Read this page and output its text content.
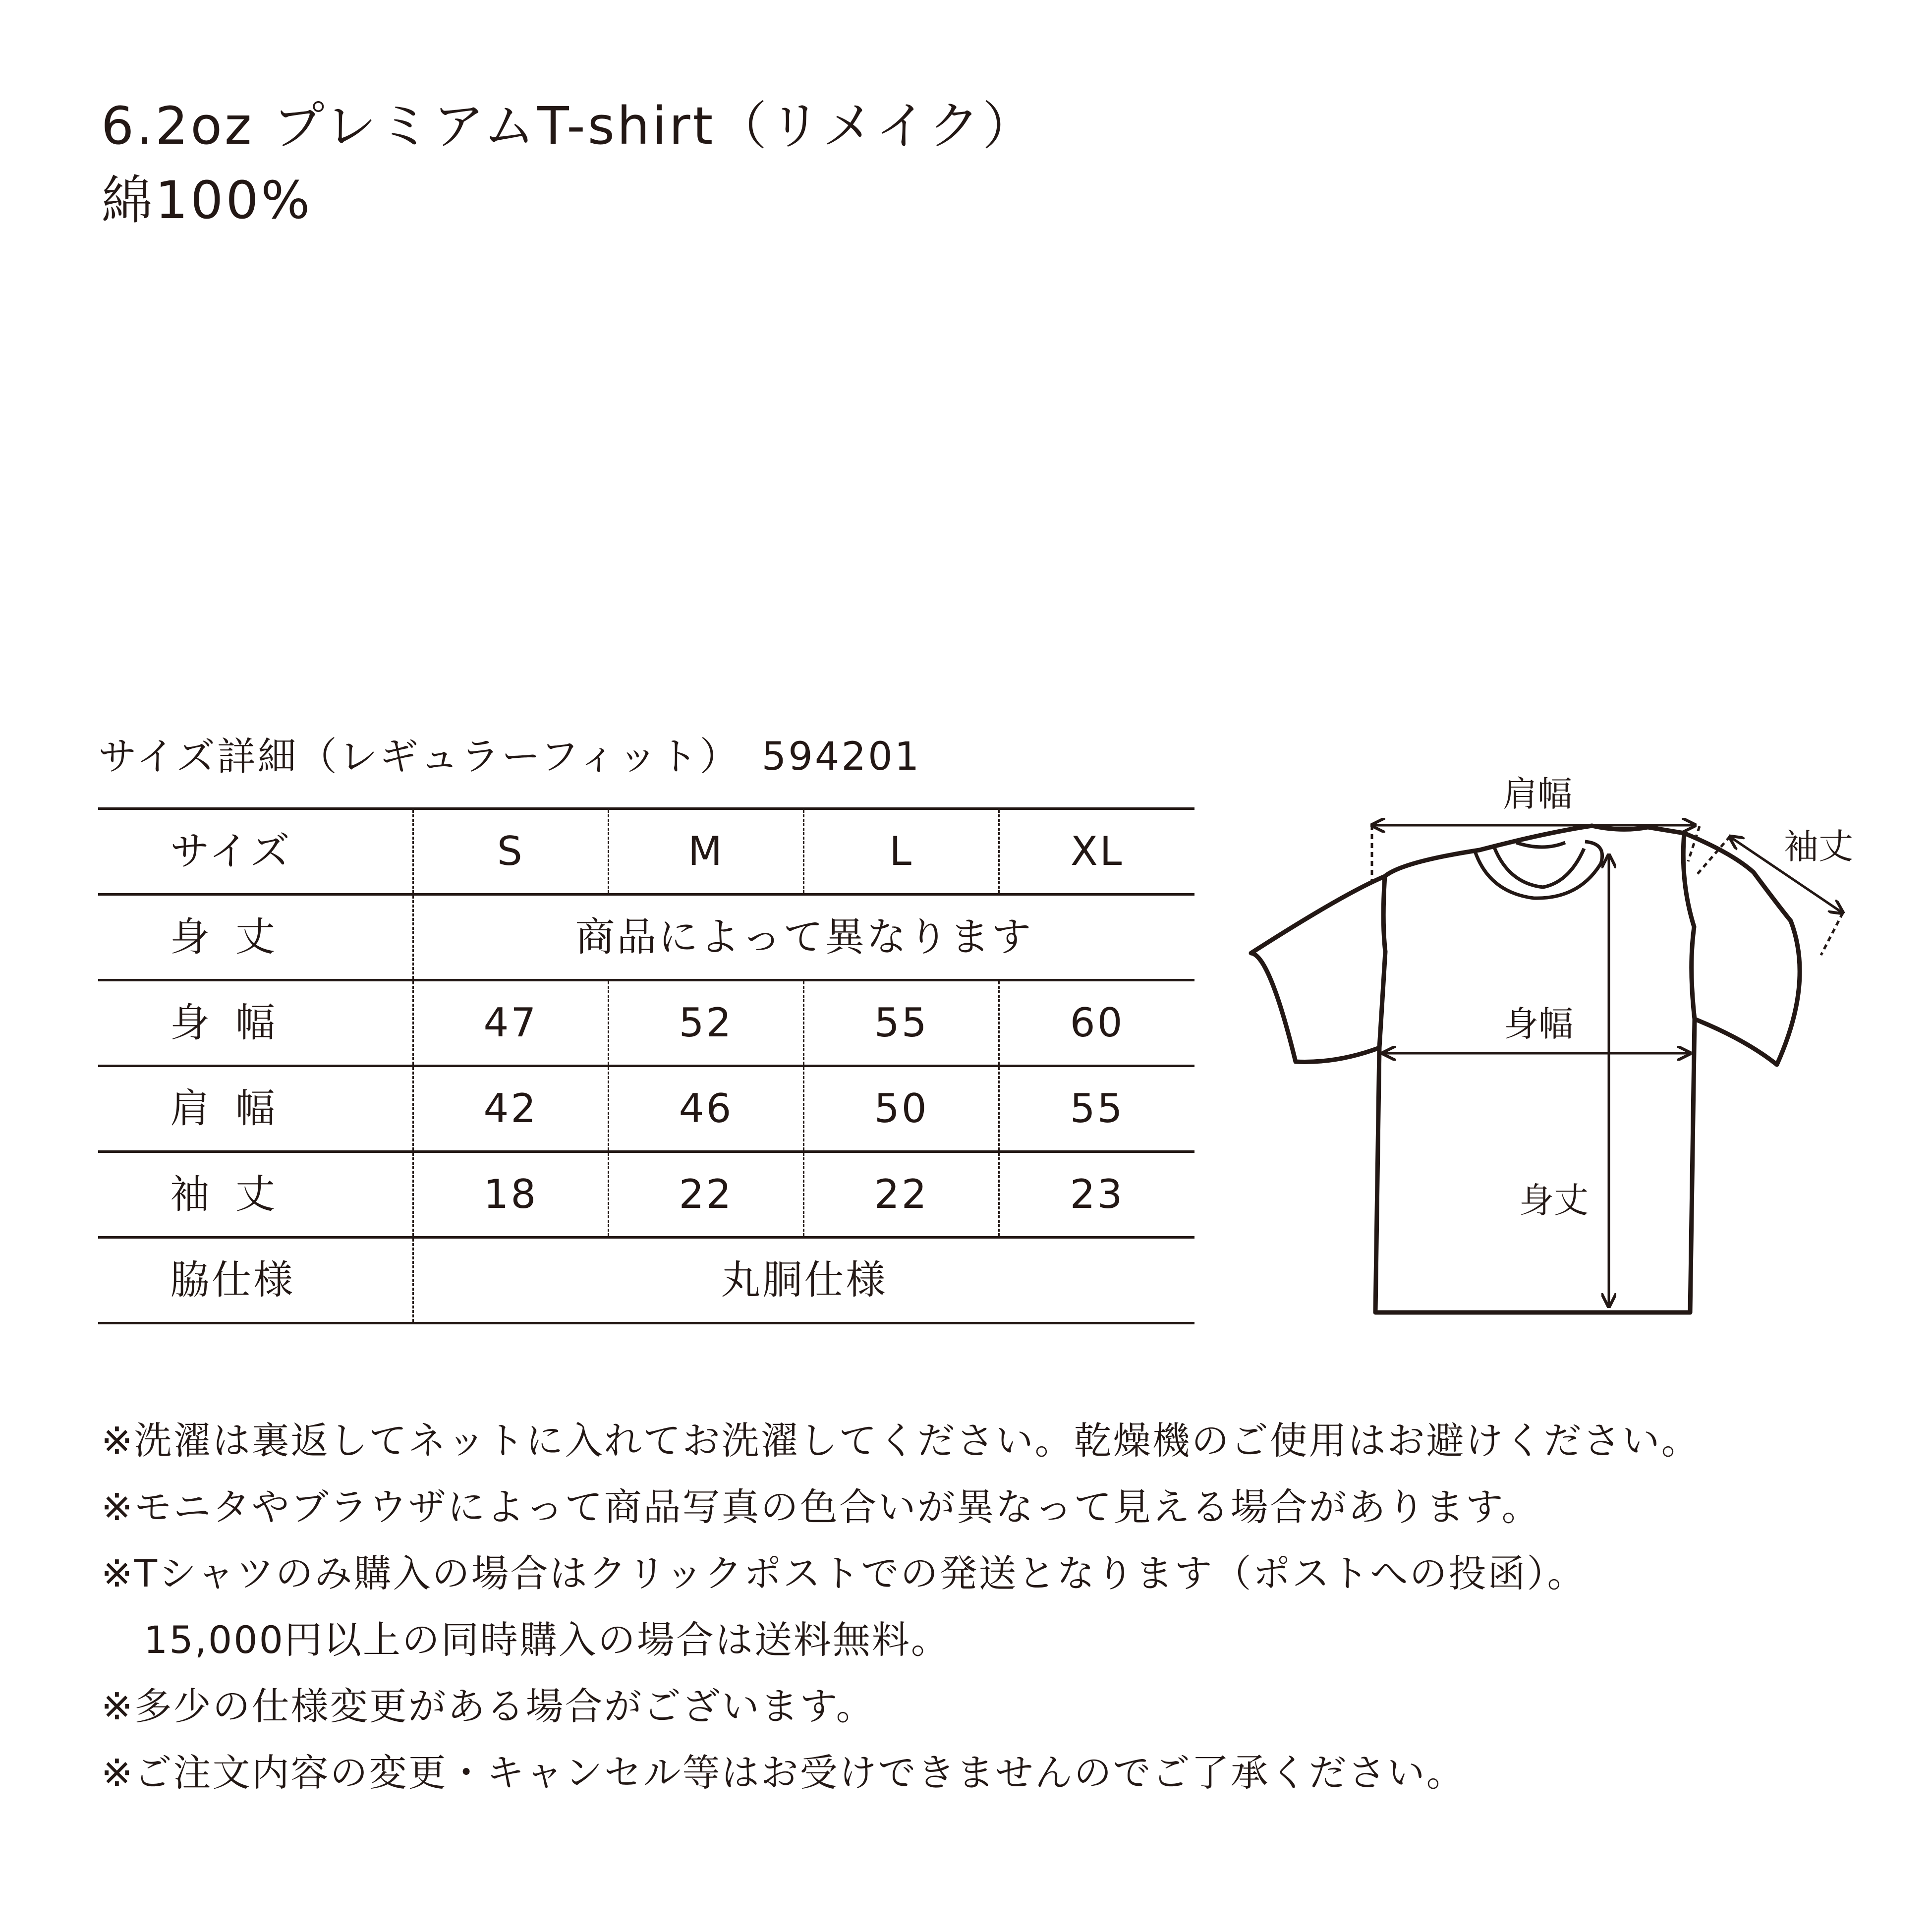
6.2oz プレミアムT-shirt（リメイク）
綿100%
サイズ詳細（レギュラーフィット）　594201
サイズ	S	M	L	XL
身丈	商品によって異なります			
身幅	47	52	55	60
肩幅	42	46	50	55
袖丈	18	22	22	23
脇仕様	丸胴仕様			
肩幅
袖丈
身幅
身丈
※洗濯は裏返してネットに入れてお洗濯してください。乾燥機のご使用はお避けください。
※モニタやブラウザによって商品写真の色合いが異なって見える場合があります。
※Tシャツのみ購入の場合はクリックポストでの発送となります（ポストへの投函）。
15,000円以上の同時購入の場合は送料無料。
※多少の仕様変更がある場合がございます。
※ご注文内容の変更・キャンセル等はお受けできませんのでご了承ください。
